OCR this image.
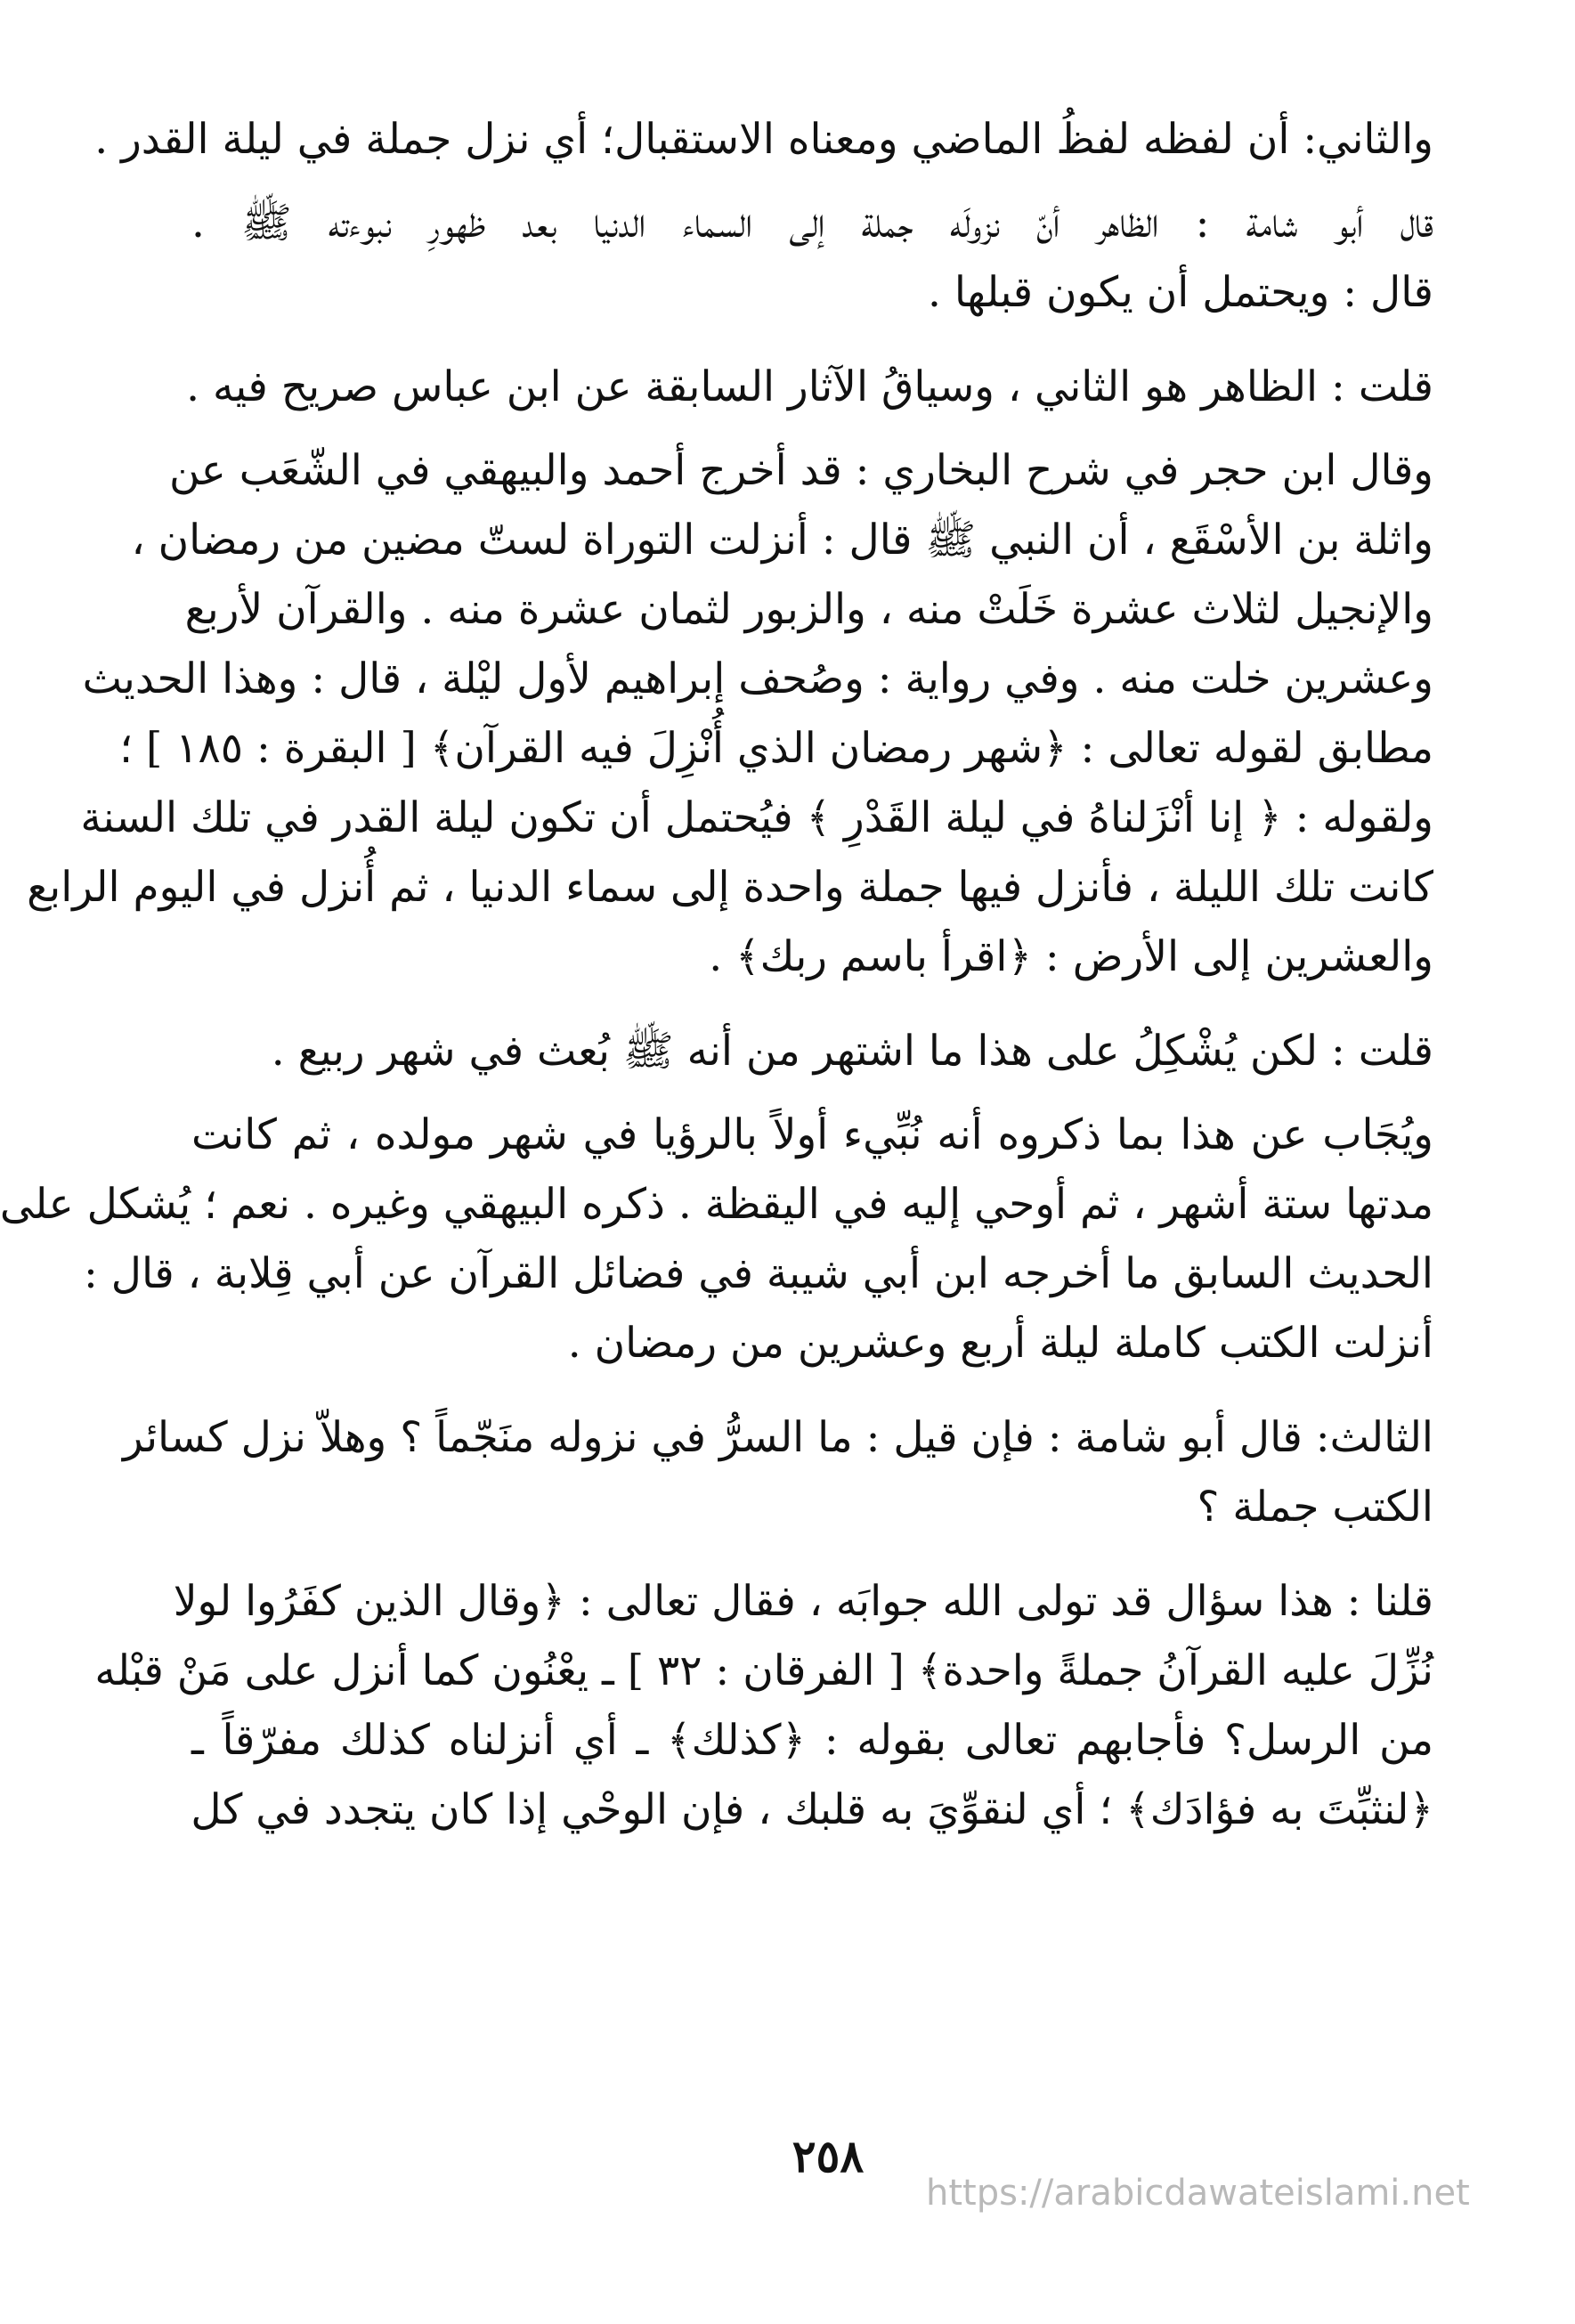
والثاني: أن لفظه لفظُ الماضي ومعناه الاستقبال؛ أي نزل جملة في ليلة القدر .
قال أبو شامة : الظاهر أنّ نزولَه جملة إلى السماء الدنيا بعد ظهورِ نبوءته ﷺ .
قال : ويحتمل أن يكون قبلها .
قلت : الظاهر هو الثاني ، وسياقُ الآثار السابقة عن ابن عباس صريح فيه .
وقال ابن حجر في شرح البخاري : قد أخرج أحمد والبيهقي في الشّعَب عن
واثلة بن الأسْقَع ، أن النبي ﷺ قال : أنزلت التوراة لستّ مضين من رمضان ،
والإنجيل لثلاث عشرة خَلَتْ منه ، والزبور لثمان عشرة منه . والقرآن لأربع
وعشرين خلت منه . وفي رواية : وصُحف إبراهيم لأول ليْلة ، قال : وهذا الحديث
مطابق لقوله تعالى : ﴿شهر رمضان الذي أُنْزِلَ فيه القرآن﴾ [ البقرة : ١٨٥ ] ؛
ولقوله : ﴿ إنا أنْزَلناهُ في ليلة القَدْرِ ﴾ فيُحتمل أن تكون ليلة القدر في تلك السنة
كانت تلك الليلة ، فأنزل فيها جملة واحدة إلى سماء الدنيا ، ثم أُنزل في اليوم الرابع
والعشرين إلى الأرض : ﴿اقرأ باسم ربك﴾ .
قلت : لكن يُشْكِلُ على هذا ما اشتهر من أنه ﷺ بُعث في شهر ربيع .
ويُجَاب عن هذا بما ذكروه أنه نُبِّيء أولاً بالرؤيا في شهر مولده ، ثم كانت
مدتها ستة أشهر ، ثم أوحي إليه في اليقظة . ذكره البيهقي وغيره . نعم ؛ يُشكل على
الحديث السابق ما أخرجه ابن أبي شيبة في فضائل القرآن عن أبي قِلابة ، قال :
أنزلت الكتب كاملة ليلة أربع وعشرين من رمضان .
الثالث: قال أبو شامة : فإن قيل : ما السرُّ في نزوله منَجّماً ؟ وهلاّ نزل كسائر
الكتب جملة ؟
قلنا : هذا سؤال قد تولى الله جوابَه ، فقال تعالى : ﴿وقال الذين كفَرُوا لولا
نُزِّلَ عليه القرآنُ جملةً واحدة﴾ [ الفرقان : ٣٢ ] ـ يعْنُون كما أنزل على مَنْ قبْله
من الرسل؟ فأجابهم تعالى بقوله : ﴿كذلك﴾ ـ أي أنزلناه كذلك مفرّقاً ـ
﴿لنثبِّتَ به فؤادَك﴾ ؛ أي لنقوِّيَ به قلبك ، فإن الوحْي إذا كان يتجدد في كل
٢٥٨
https://arabicdawateislami.net
